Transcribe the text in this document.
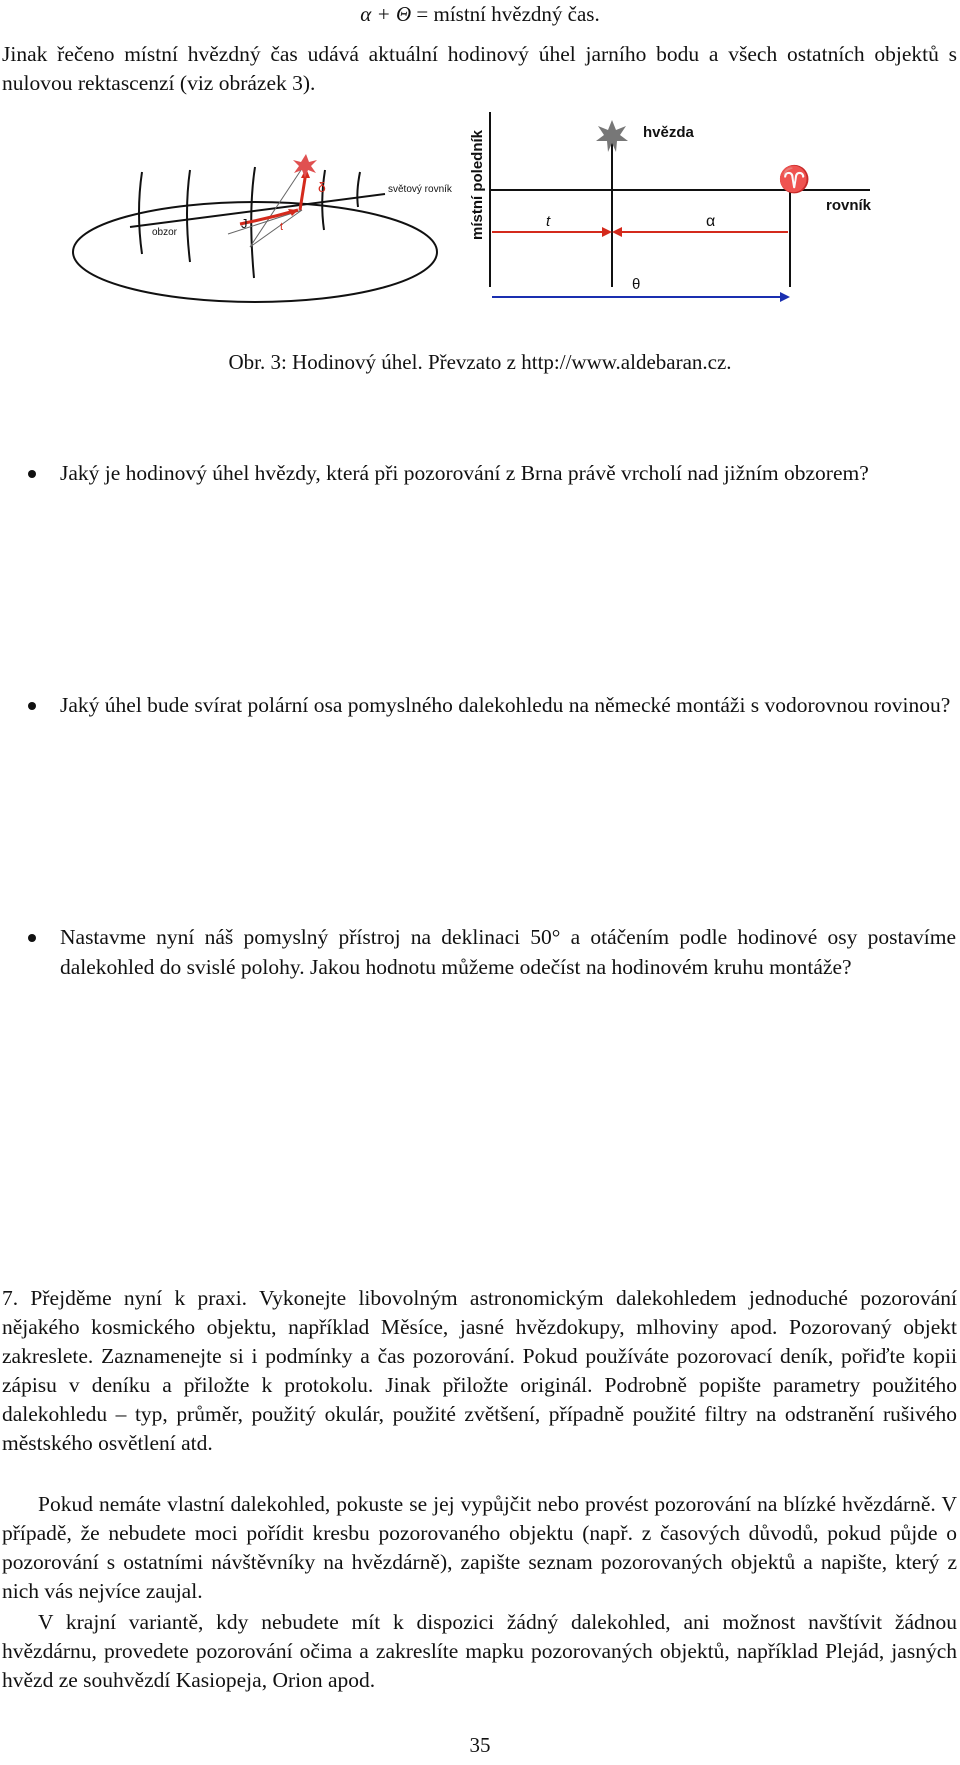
α + Θ = místní hvězdný čas.
Jinak řečeno místní hvězdný čas udává aktuální hodinový úhel jarního bodu a všech ostatních objektů s nulovou rektascenzí (viz obrázek 3).
δ
t
světový rovník
obzor
J	místní poledník	rovník
hvězda
♈
t	α
θ
Obr. 3: Hodinový úhel. Převzato z http://www.aldebaran.cz.
Jaký je hodinový úhel hvězdy, která při pozorování z Brna právě vrcholí nad jižním obzorem?
Jaký úhel bude svírat polární osa pomyslného dalekohledu na německé montáži s vodorovnou rovinou?
Nastavme nyní náš pomyslný přístroj na deklinaci 50° a otáčením podle hodinové osy postavíme dalekohled do svislé polohy. Jakou hodnotu můžeme odečíst na hodinovém kruhu montáže?
7. Přejděme nyní k praxi. Vykonejte libovolným astronomickým dalekohledem jednoduché pozorování nějakého kosmického objektu, například Měsíce, jasné hvězdokupy, mlhoviny apod. Pozorovaný objekt zakreslete. Zaznamenejte si i podmínky a čas pozorování. Pokud používáte pozorovací deník, pořiďte kopii zápisu v deníku a přiložte k protokolu. Jinak přiložte originál. Podrobně popište parametry použitého dalekohledu – typ, průměr, použitý okulár, použité zvětšení, případně použité filtry na odstranění rušivého městského osvětlení atd.
Pokud nemáte vlastní dalekohled, pokuste se jej vypůjčit nebo provést pozorování na blízké hvězdárně. V případě, že nebudete moci pořídit kresbu pozorovaného objektu (např. z časových důvodů, pokud půjde o pozorování s ostatními návštěvníky na hvězdárně), zapište seznam pozorovaných objektů a napište, který z nich vás nejvíce zaujal.
V krajní variantě, kdy nebudete mít k dispozici žádný dalekohled, ani možnost navštívit žádnou hvězdárnu, provedete pozorování očima a zakreslíte mapku pozorovaných objektů, například Plejád, jasných hvězd ze souhvězdí Kasiopeja, Orion apod.
35
